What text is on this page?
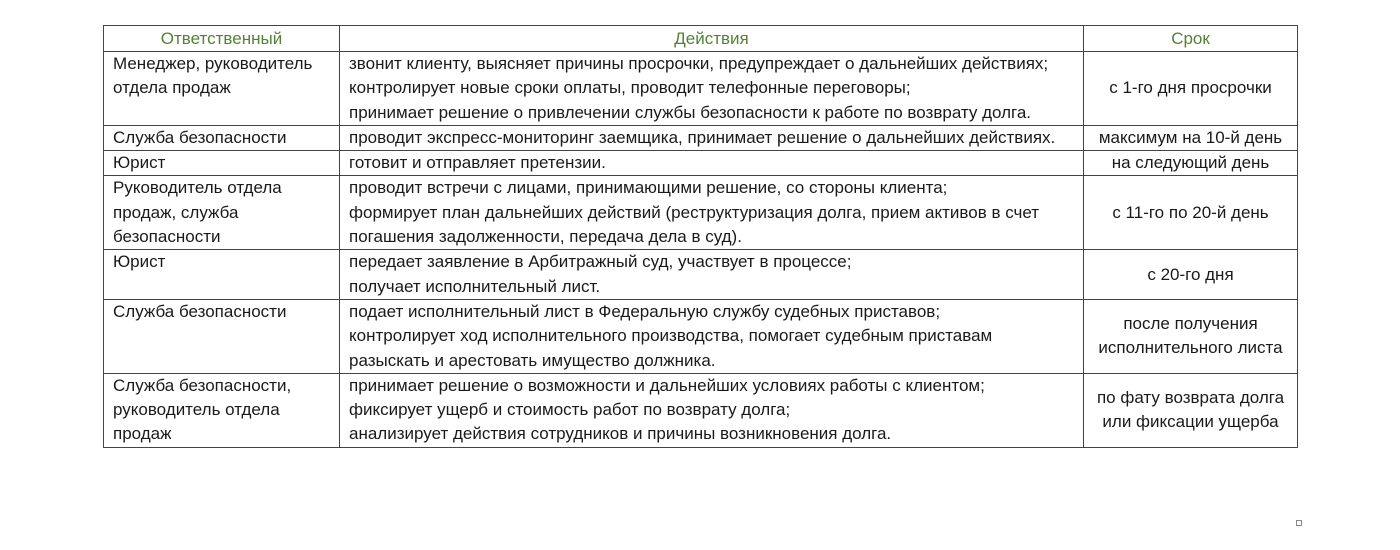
Ответственный	Действия	Срок
Менеджер, руководитель отдела продаж	звонит клиенту, выясняет причины просрочки, предупреждает о дальнейших действиях;
контролирует новые сроки оплаты, проводит телефонные переговоры;
принимает решение о привлечении службы безопасности к работе по возврату долга.	с 1-го дня просрочки
Служба безопасности	проводит экспресс-мониторинг заемщика, принимает решение о дальнейших действиях.	максимум на 10-й день
Юрист	готовит и отправляет претензии.	на следующий день
Руководитель отдела продаж, служба безопасности	проводит встречи с лицами, принимающими решение, со стороны клиента;
формирует план дальнейших действий (реструктуризация долга, прием активов в счет погашения задолженности, передача дела в суд).	с 11-го по 20-й день
Юрист	передает заявление в Арбитражный суд, участвует в процессе;
получает исполнительный лист.	с 20-го дня
Служба безопасности	подает исполнительный лист в Федеральную службу судебных приставов;
контролирует ход исполнительного производства, помогает судебным приставам разыскать и арестовать имущество должника.	после получения исполнительного листа
Служба безопасности, руководитель отдела продаж	принимает решение о возможности и дальнейших условиях работы с клиентом;
фиксирует ущерб и стоимость работ по возврату долга;
анализирует действия сотрудников и причины возникновения долга.	по фату возврата долга или фиксации ущерба
